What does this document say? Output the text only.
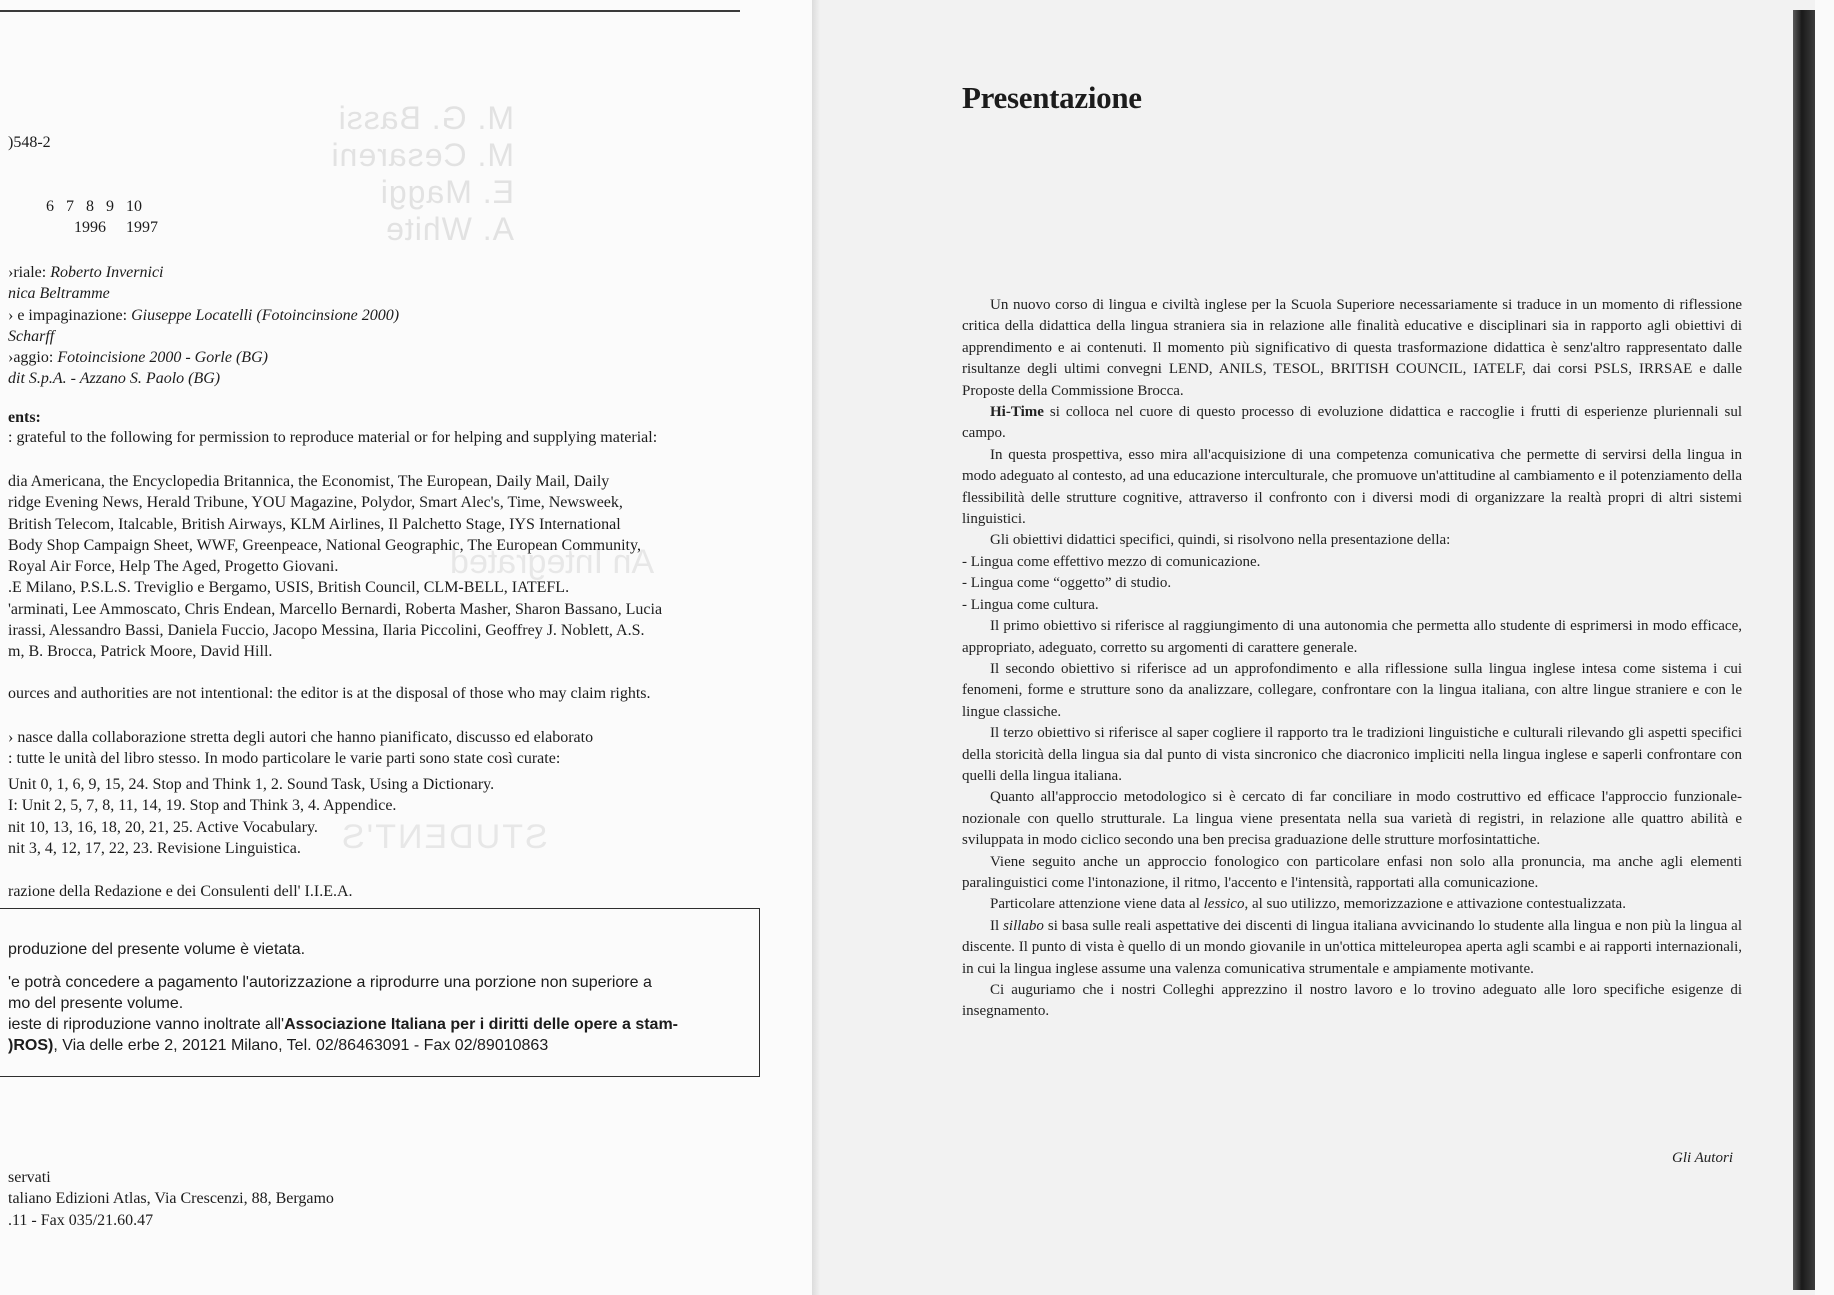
M. G. Bassi
M. Cesareni
E. Maggi
A. White
An Integrated
STUDENT'S
)548-2
6 7 8 9 10
1996 1997
›riale: Roberto Invernici
nica Beltramme
› e impaginazione: Giuseppe Locatelli (Fotoincinsione 2000)
Scharff
›aggio: Fotoincisione 2000 - Gorle (BG)
dit S.p.A. - Azzano S. Paolo (BG)
ents:
: grateful to the following for permission to reproduce material or for helping and supplying material:
dia Americana, the Encyclopedia Britannica, the Economist, The European, Daily Mail, Daily
ridge Evening News, Herald Tribune, YOU Magazine, Polydor, Smart Alec's, Time, Newsweek,
British Telecom, Italcable, British Airways, KLM Airlines, Il Palchetto Stage, IYS International
Body Shop Campaign Sheet, WWF, Greenpeace, National Geographic, The European Community,
Royal Air Force, Help The Aged, Progetto Giovani.
.E Milano, P.S.L.S. Treviglio e Bergamo, USIS, British Council, CLM-BELL, IATEFL.
'arminati, Lee Ammoscato, Chris Endean, Marcello Bernardi, Roberta Masher, Sharon Bassano, Lucia
irassi, Alessandro Bassi, Daniela Fuccio, Jacopo Messina, Ilaria Piccolini, Geoffrey J. Noblett, A.S.
m, B. Brocca, Patrick Moore, David Hill.
ources and authorities are not intentional: the editor is at the disposal of those who may claim rights.
› nasce dalla collaborazione stretta degli autori che hanno pianificato, discusso ed elaborato
: tutte le unità del libro stesso. In modo particolare le varie parti sono state così curate:
Unit 0, 1, 6, 9, 15, 24. Stop and Think 1, 2. Sound Task, Using a Dictionary.
I: Unit 2, 5, 7, 8, 11, 14, 19. Stop and Think 3, 4. Appendice.
nit 10, 13, 16, 18, 20, 21, 25. Active Vocabulary.
nit 3, 4, 12, 17, 22, 23. Revisione Linguistica.
razione della Redazione e dei Consulenti dell' I.I.E.A.
produzione del presente volume è vietata.
'e potrà concedere a pagamento l'autorizzazione a riprodurre una porzione non superiore a
mo del presente volume.
ieste di riproduzione vanno inoltrate all'Associazione Italiana per i diritti delle opere a stam-
)ROS), Via delle erbe 2, 20121 Milano, Tel. 02/86463091 - Fax 02/89010863
servati
taliano Edizioni Atlas, Via Crescenzi, 88, Bergamo
.11 - Fax 035/21.60.47
Presentazione

Un nuovo corso di lingua e civiltà inglese per la Scuola Superiore necessariamente si traduce in un momento di riflessione critica della didattica della lingua straniera sia in relazione alle finalità educative e disciplinari sia in rapporto agli obiettivi di apprendimento e ai contenuti. Il momento più significativo di questa trasformazione didattica è senz'altro rappresentato dalle risultanze degli ultimi convegni LEND, ANILS, TESOL, BRITISH COUNCIL, IATELF, dai corsi PSLS, IRRSAE e dalle Proposte della Commissione Brocca.

Hi-Time si colloca nel cuore di questo processo di evoluzione didattica e raccoglie i frutti di esperienze pluriennali sul campo.

In questa prospettiva, esso mira all'acquisizione di una competenza comunicativa che permette di servirsi della lingua in modo adeguato al contesto, ad una educazione interculturale, che promuove un'attitudine al cambiamento e il potenziamento della flessibilità delle strutture cognitive, attraverso il confronto con i diversi modi di organizzare la realtà propri di altri sistemi linguistici.

Gli obiettivi didattici specifici, quindi, si risolvono nella presentazione della:

- Lingua come effettivo mezzo di comunicazione.

- Lingua come “oggetto” di studio.

- Lingua come cultura.

Il primo obiettivo si riferisce al raggiungimento di una autonomia che permetta allo studente di esprimersi in modo efficace, appropriato, adeguato, corretto su argomenti di carattere generale.

Il secondo obiettivo si riferisce ad un approfondimento e alla riflessione sulla lingua inglese intesa come sistema i cui fenomeni, forme e strutture sono da analizzare, collegare, confrontare con la lingua italiana, con altre lingue straniere e con le lingue classiche.

Il terzo obiettivo si riferisce al saper cogliere il rapporto tra le tradizioni linguistiche e culturali rilevando gli aspetti specifici della storicità della lingua sia dal punto di vista sincronico che diacronico impliciti nella lingua inglese e saperli confrontare con quelli della lingua italiana.

Quanto all'approccio metodologico si è cercato di far conciliare in modo costruttivo ed efficace l'approccio funzionale-nozionale con quello strutturale. La lingua viene presentata nella sua varietà di registri, in relazione alle quattro abilità e sviluppata in modo ciclico secondo una ben precisa graduazione delle strutture morfosintattiche.

Viene seguito anche un approccio fonologico con particolare enfasi non solo alla pronuncia, ma anche agli elementi paralinguistici come l'intonazione, il ritmo, l'accento e l'intensità, rapportati alla comunicazione.

Particolare attenzione viene data al lessico, al suo utilizzo, memorizzazione e attivazione contestualizzata.

Il sillabo si basa sulle reali aspettative dei discenti di lingua italiana avvicinando lo studente alla lingua e non più la lingua al discente. Il punto di vista è quello di un mondo giovanile in un'ottica mitteleuropea aperta agli scambi e ai rapporti internazionali, in cui la lingua inglese assume una valenza comunicativa strumentale e ampiamente motivante.

Ci auguriamo che i nostri Colleghi apprezzino il nostro lavoro e lo trovino adeguato alle loro specifiche esigenze di insegnamento.

Gli Autori
